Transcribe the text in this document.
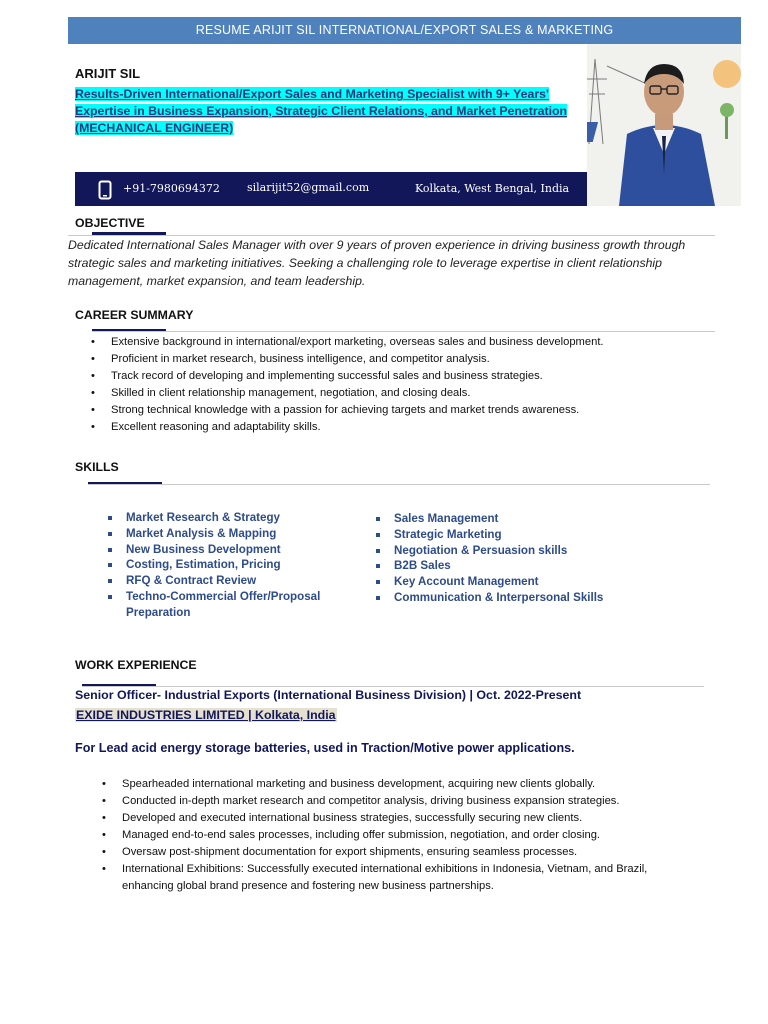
RESUME ARIJIT SIL INTERNATIONAL/EXPORT SALES & MARKETING
ARIJIT SIL
Results-Driven International/Export Sales and Marketing Specialist with 9+ Years'
Expertise in Business Expansion, Strategic Client Relations, and Market Penetration
(MECHANICAL ENGINEER)
+91-7980694372 silarijit52@gmail.com	Kolkata, West Bengal, India
OBJECTIVE
Dedicated International Sales Manager with over 9 years of proven experience in driving business growth through strategic sales and marketing initiatives. Seeking a challenging role to leverage expertise in client relationship management, market expansion, and team leadership.
CAREER SUMMARY
• Extensive background in international/export marketing, overseas sales and business development.
• Proficient in market research, business intelligence, and competitor analysis.
• Track record of developing and implementing successful sales and business strategies.
• Skilled in client relationship management, negotiation, and closing deals.
• Strong technical knowledge with a passion for achieving targets and market trends awareness.
• Excellent reasoning and adaptability skills.
SKILLS
Market Research & Strategy
Market Analysis & Mapping
New Business Development
Costing, Estimation, Pricing
RFQ & Contract Review
Techno-Commercial Offer/Proposal Preparation
Sales Management
Strategic Marketing
Negotiation & Persuasion skills
B2B Sales
Key Account Management
Communication & Interpersonal Skills
WORK EXPERIENCE
Senior Officer- Industrial Exports (International Business Division) | Oct. 2022-Present
EXIDE INDUSTRIES LIMITED | Kolkata, India
For Lead acid energy storage batteries, used in Traction/Motive power applications.
• Spearheaded international marketing and business development, acquiring new clients globally.
• Conducted in-depth market research and competitor analysis, driving business expansion strategies.
• Developed and executed international business strategies, successfully securing new clients.
• Managed end-to-end sales processes, including offer submission, negotiation, and order closing.
• Oversaw post-shipment documentation for export shipments, ensuring seamless processes.
• International Exhibitions: Successfully executed international exhibitions in Indonesia, Vietnam, and Brazil, enhancing global brand presence and fostering new business partnerships.
